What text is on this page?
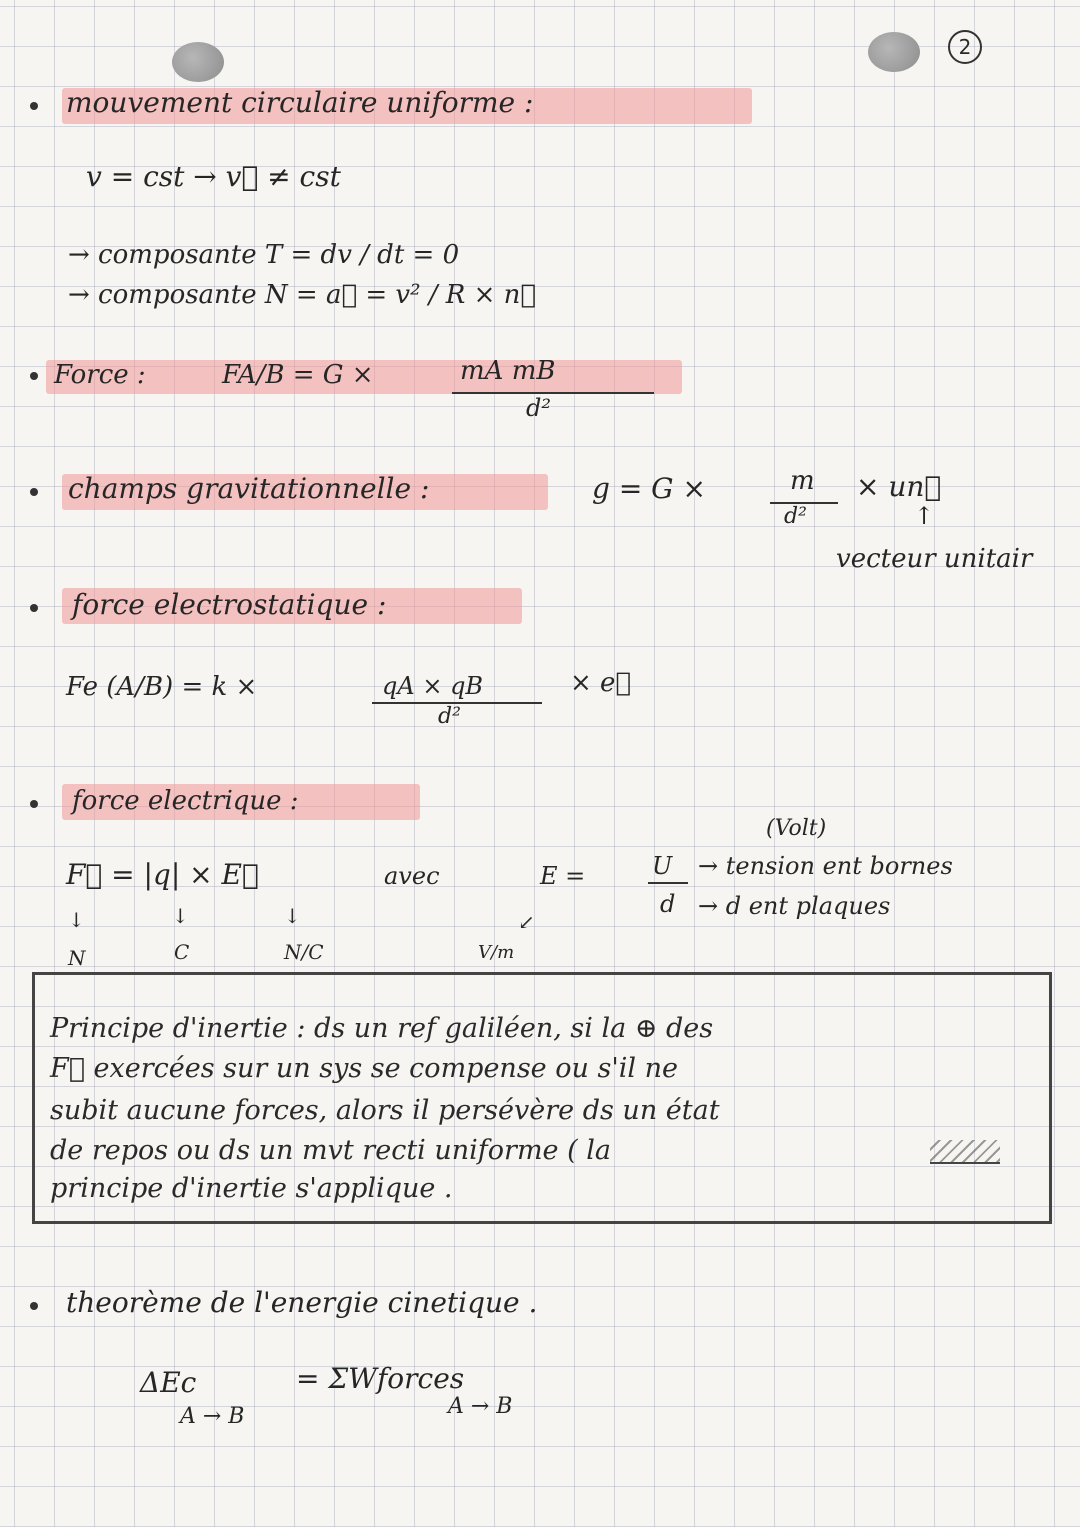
2
mouvement circulaire uniforme :
v = cst → v⃗ ≠ cst
→ composante T = dv / dt = 0
→ composante N = a⃗ = v² / R × n⃗
Force :	FA/B = G ×	mA mB
d²
champs gravitationnelle :	g = G ×	m
d²
× un⃗
↑
vecteur unitair
force electrostatique :
Fe (A/B) = k ×	qA × qB
d²
× e⃗
force electrique :
(Volt)
F⃗ = |q| × E⃗	avec	E =	U
d
→ tension ent bornes
→ d ent plaques
↓	↓	↓	↙
N	C	N/C	V/m
Principe d'inertie : ds un ref galiléen, si la ⊕ des
F⃗ exercées sur un sys se compense ou s'il ne
subit aucune forces, alors il persévère ds un état
de repos ou ds un mvt recti uniforme ( la
principe d'inertie s'applique .
theorème de l'energie cinetique .
ΔEc
A → B
= ΣWforces
A → B
